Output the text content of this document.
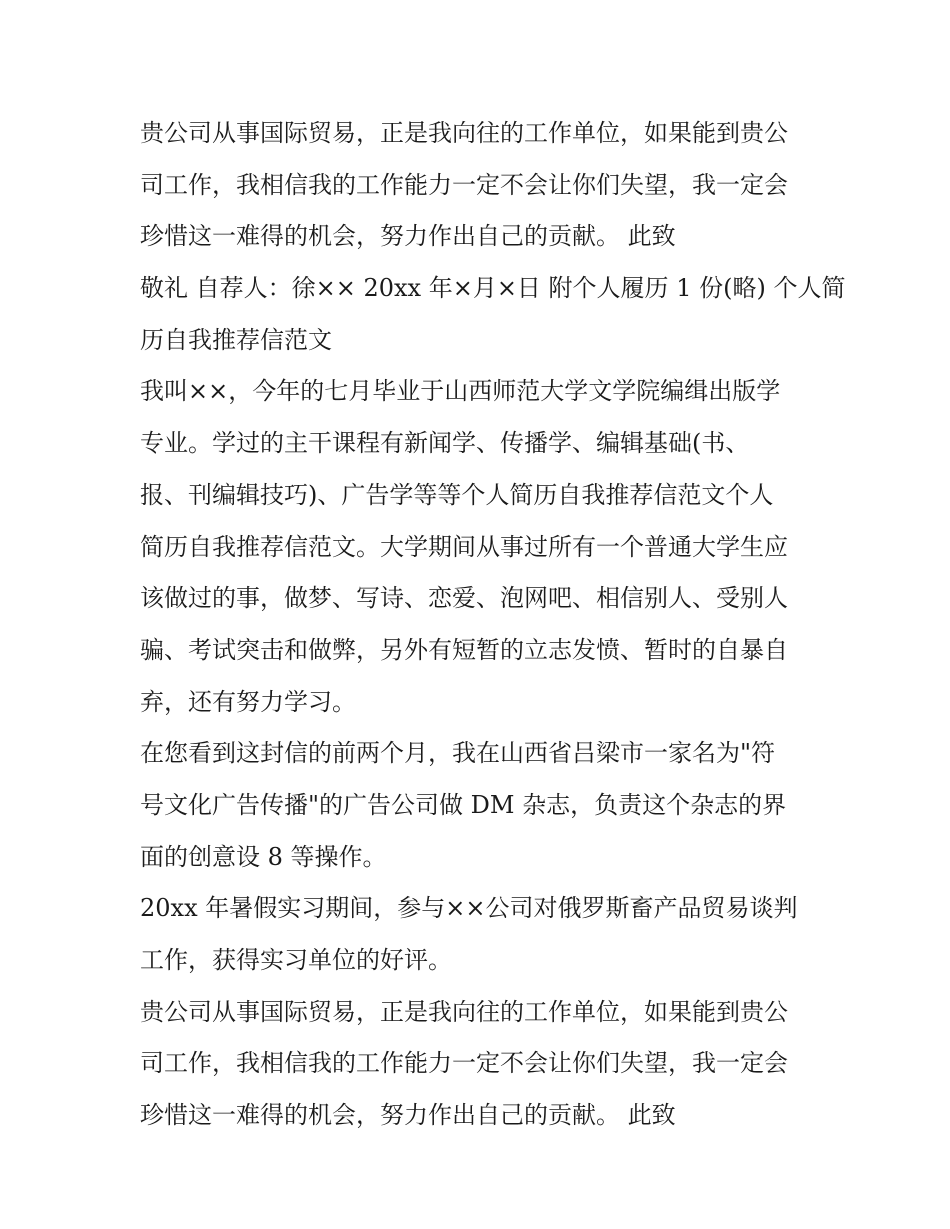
贵公司从事国际贸易，正是我向往的工作单位，如果能到贵公
司工作，我相信我的工作能力一定不会让你们失望，我一定会
珍惜这一难得的机会，努力作出自己的贡献。 此致
敬礼 自荐人：徐×× 20xx 年×月×日 附个人履历 1 份(略) 个人简
历自我推荐信范文
我叫××，今年的七月毕业于山西师范大学文学院编缉出版学
专业。学过的主干课程有新闻学、传播学、编辑基础(书、
报、刊编辑技巧)、广告学等等个人简历自我推荐信范文个人
简历自我推荐信范文。大学期间从事过所有一个普通大学生应
该做过的事，做梦、写诗、恋爱、泡网吧、相信别人、受别人
骗、考试突击和做弊，另外有短暂的立志发愤、暂时的自暴自
弃，还有努力学习。
在您看到这封信的前两个月，我在山西省吕梁市一家名为"符
号文化广告传播"的广告公司做 DM 杂志，负责这个杂志的界
面的创意设 8 等操作。
20xx 年暑假实习期间，参与××公司对俄罗斯畜产品贸易谈判
工作，获得实习单位的好评。
贵公司从事国际贸易，正是我向往的工作单位，如果能到贵公
司工作，我相信我的工作能力一定不会让你们失望，我一定会
珍惜这一难得的机会，努力作出自己的贡献。 此致
